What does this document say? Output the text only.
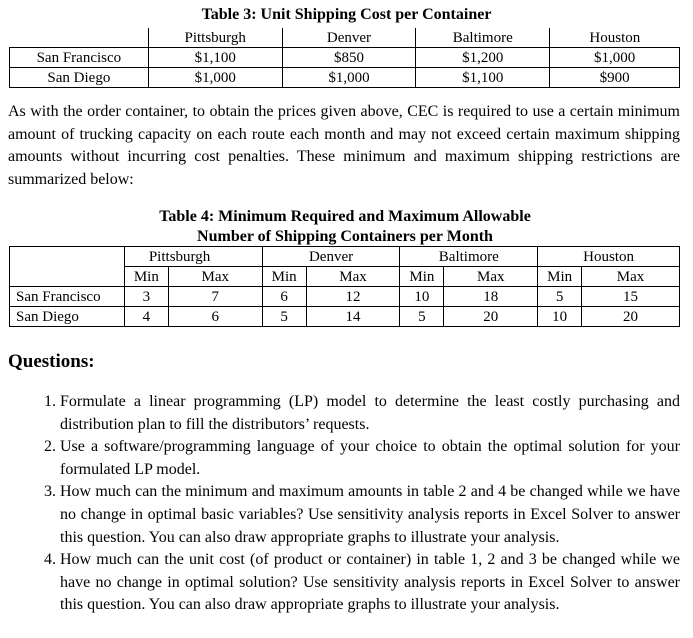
Table 3: Unit Shipping Cost per Container
	Pittsburgh	Denver	Baltimore	Houston
San Francisco	$1,100	$850	$1,200	$1,000
San Diego	$1,000	$1,000	$1,100	$900
As with the order container, to obtain the prices given above, CEC is required to use a certain minimum amount of trucking capacity on each route each month and may not exceed certain maximum shipping amounts without incurring cost penalties. These minimum and maximum shipping restrictions are summarized below:
Table 4: Minimum Required and Maximum Allowable
Number of Shipping Containers per Month
	Pittsburgh		Denver		Baltimore		Houston	
	Min	Max	Min	Max	Min	Max	Min	Max
San Francisco	3	7	6	12	10	18	5	15
San Diego	4	6	5	14	5	20	10	20
Questions:
1. Formulate a linear programming (LP) model to determine the least costly purchasing and distribution plan to fill the distributors’ requests.
2. Use a software/programming language of your choice to obtain the optimal solution for your formulated LP model.
3. How much can the minimum and maximum amounts in table 2 and 4 be changed while we have no change in optimal basic variables? Use sensitivity analysis reports in Excel Solver to answer this question. You can also draw appropriate graphs to illustrate your analysis.
4. How much can the unit cost (of product or container) in table 1, 2 and 3 be changed while we have no change in optimal solution? Use sensitivity analysis reports in Excel Solver to answer this question. You can also draw appropriate graphs to illustrate your analysis.
